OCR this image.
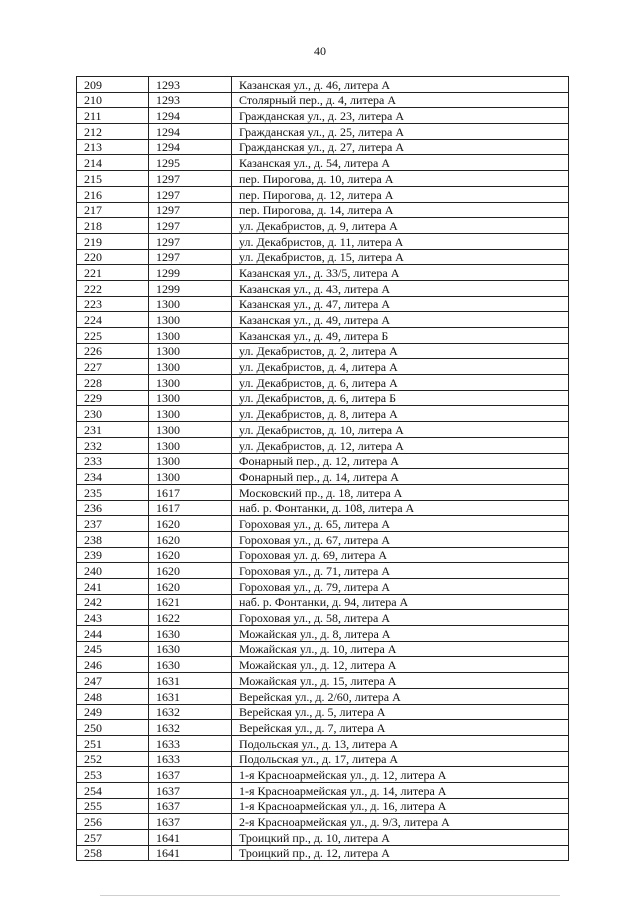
40
209	1293	Казанская ул., д. 46, литера А
210	1293	Столярный пер., д. 4, литера А
211	1294	Гражданская ул., д. 23, литера А
212	1294	Гражданская ул., д. 25, литера А
213	1294	Гражданская ул., д. 27, литера А
214	1295	Казанская ул., д. 54, литера А
215	1297	пер. Пирогова, д. 10, литера А
216	1297	пер. Пирогова, д. 12, литера А
217	1297	пер. Пирогова, д. 14, литера А
218	1297	ул. Декабристов, д. 9, литера А
219	1297	ул. Декабристов, д. 11, литера А
220	1297	ул. Декабристов, д. 15, литера А
221	1299	Казанская ул., д. 33/5, литера А
222	1299	Казанская ул., д. 43, литера А
223	1300	Казанская ул., д. 47, литера А
224	1300	Казанская ул., д. 49, литера А
225	1300	Казанская ул., д. 49, литера Б
226	1300	ул. Декабристов, д. 2, литера А
227	1300	ул. Декабристов, д. 4, литера А
228	1300	ул. Декабристов, д. 6, литера А
229	1300	ул. Декабристов, д. 6, литера Б
230	1300	ул. Декабристов, д. 8, литера А
231	1300	ул. Декабристов, д. 10, литера А
232	1300	ул. Декабристов, д. 12, литера А
233	1300	Фонарный пер., д. 12, литера А
234	1300	Фонарный пер., д. 14, литера А
235	1617	Московский пр., д. 18, литера А
236	1617	наб. р. Фонтанки, д. 108, литера А
237	1620	Гороховая ул., д. 65, литера А
238	1620	Гороховая ул., д. 67, литера А
239	1620	Гороховая ул. д. 69, литера А
240	1620	Гороховая ул., д. 71, литера А
241	1620	Гороховая ул., д. 79, литера А
242	1621	наб. р. Фонтанки, д. 94, литера А
243	1622	Гороховая ул., д. 58, литера А
244	1630	Можайская ул., д. 8, литера А
245	1630	Можайская ул., д. 10, литера А
246	1630	Можайская ул., д. 12, литера А
247	1631	Можайская ул., д. 15, литера А
248	1631	Верейская ул., д. 2/60, литера А
249	1632	Верейская ул., д. 5, литера А
250	1632	Верейская ул., д. 7, литера А
251	1633	Подольская ул., д. 13, литера А
252	1633	Подольская ул., д. 17, литера А
253	1637	1-я Красноармейская ул., д. 12, литера А
254	1637	1-я Красноармейская ул., д. 14, литера А
255	1637	1-я Красноармейская ул., д. 16, литера А
256	1637	2-я Красноармейская ул., д. 9/3, литера А
257	1641	Троицкий пр., д. 10, литера А
258	1641	Троицкий пр., д. 12, литера А
